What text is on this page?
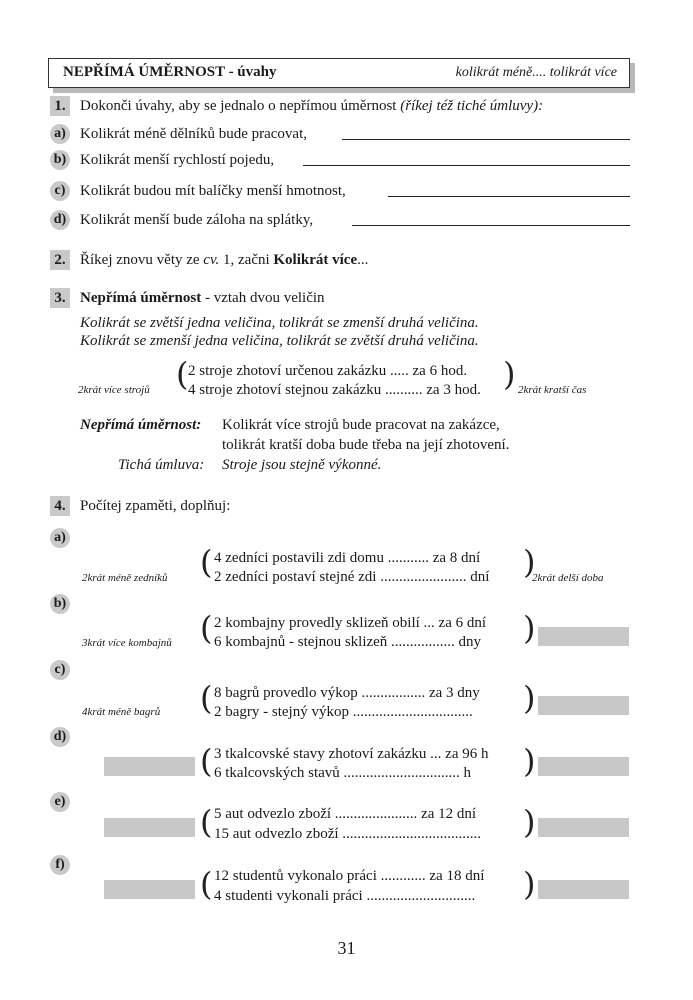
NEPŘÍMÁ ÚMĚRNOST - úvahy	kolikrát méně.... tolikrát více
1. Dokonči úvahy, aby se jednalo o nepřímou úměrnost (říkej též tiché úmluvy):
a) Kolikrát méně dělníků bude pracovat,
b) Kolikrát menší rychlostí pojedu,
c) Kolikrát budou mít balíčky menší hmotnost,
d) Kolikrát menší bude záloha na splátky,
2. Říkej znovu věty ze cv. 1, začni Kolikrát více...
3. Nepřímá úměrnost - vztah dvou veličin
Kolikrát se zvětší jedna veličina, tolikrát se zmenší druhá veličina.
Kolikrát se zmenší jedna veličina, tolikrát se zvětší druhá veličina.
( 2 stroje zhotoví určenou zakázku ..... za 6 hod.
4 stroje zhotoví stejnou zakázku .......... za 3 hod. )
2krát více strojů	2krát kratší čas
Nepřímá úměrnost: Kolikrát více strojů bude pracovat na zakázce,
tolikrát kratší doba bude třeba na její zhotovení.
Tichá úmluva: Stroje jsou stejně výkonné.
4. Počítej zpaměti, doplňuj:
a)
( 4 zedníci postavili zdi domu ........... za 8 dní
2 zedníci postaví stejné zdi ....................... dní )
2krát méně zedníků	2krát delší doba
b)
( 2 kombajny provedly sklizeň obilí ... za 6 dní
6 kombajnů - stejnou sklizeň ................. dny )
3krát více kombajnů
c)
( 8 bagrů provedlo výkop ................. za 3 dny
2 bagry - stejný výkop ................................ )
4krát méně bagrů
d)
( 3 tkalcovské stavy zhotoví zakázku ... za 96 h
6 tkalcovských stavů ............................... h )
e)
( 5 aut odvezlo zboží ...................... za 12 dní
15 aut odvezlo zboží ..................................... )
f)
( 12 studentů vykonalo práci ............ za 18 dní
4 studenti vykonali práci ............................. )
31
